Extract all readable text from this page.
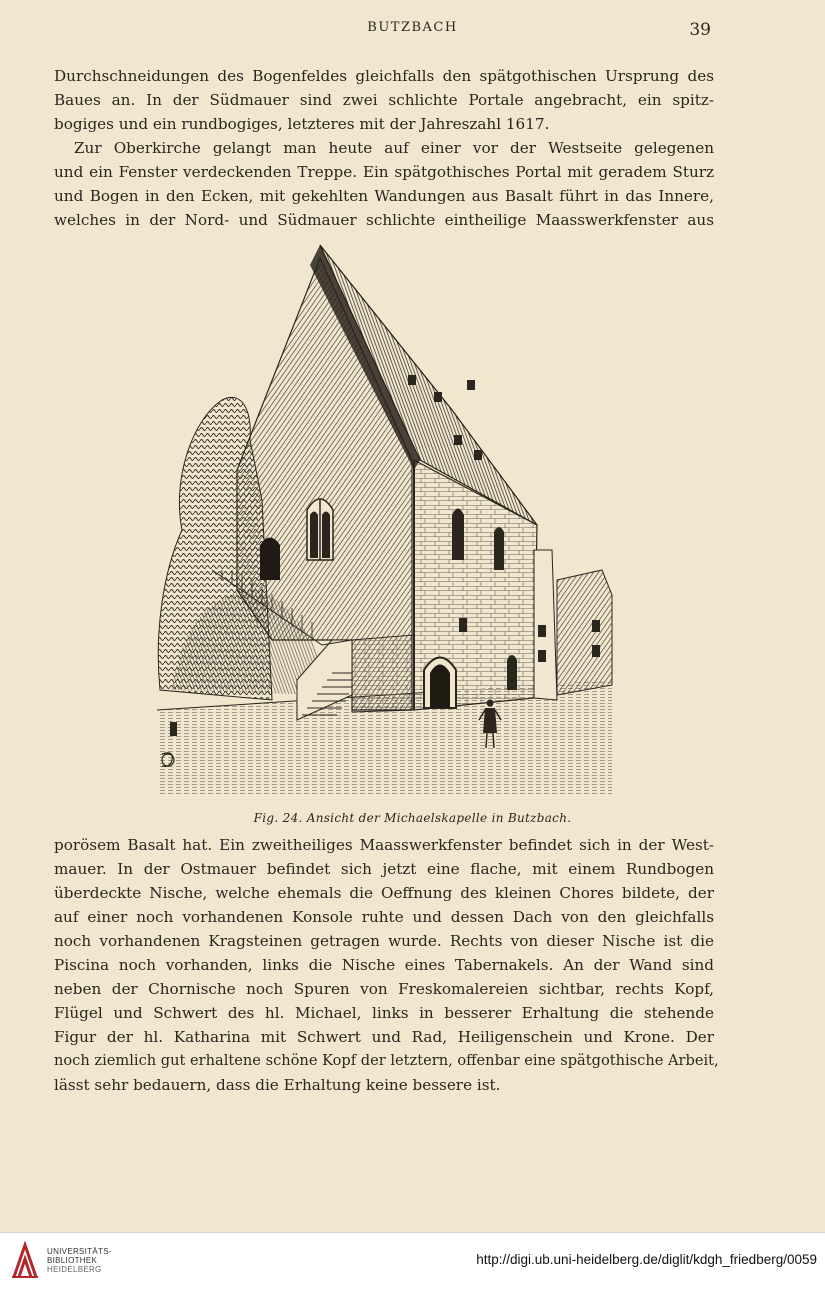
BUTZBACH	39
Durchschneidungen des Bogenfeldes gleichfalls den spätgothischen Ursprung des
Baues an. In der Südmauer sind zwei schlichte Portale angebracht, ein spitz-
bogiges und ein rundbogiges, letzteres mit der Jahreszahl 1617.
Zur Oberkirche gelangt man heute auf einer vor der Westseite gelegenen
und ein Fenster verdeckenden Treppe. Ein spätgothisches Portal mit geradem Sturz
und Bogen in den Ecken, mit gekehlten Wandungen aus Basalt führt in das Innere,
welches in der Nord- und Südmauer schlichte eintheilige Maasswerkfenster aus
Fig. 24. Ansicht der Michaelskapelle in Butzbach.
porösem Basalt hat. Ein zweitheiliges Maasswerkfenster befindet sich in der West-
mauer. In der Ostmauer befindet sich jetzt eine flache, mit einem Rundbogen
überdeckte Nische, welche ehemals die Oeffnung des kleinen Chores bildete, der
auf einer noch vorhandenen Konsole ruhte und dessen Dach von den gleichfalls
noch vorhandenen Kragsteinen getragen wurde. Rechts von dieser Nische ist die
Piscina noch vorhanden, links die Nische eines Tabernakels. An der Wand sind
neben der Chornische noch Spuren von Freskomalereien sichtbar, rechts Kopf,
Flügel und Schwert des hl. Michael, links in besserer Erhaltung die stehende
Figur der hl. Katharina mit Schwert und Rad, Heiligenschein und Krone. Der
noch ziemlich gut erhaltene schöne Kopf der letztern, offenbar eine spätgothische Arbeit,
lässt sehr bedauern, dass die Erhaltung keine bessere ist.
UNIVERSITÄTS-
BIBLIOTHEK
HEIDELBERG
http://digi.ub.uni-heidelberg.de/diglit/kdgh_friedberg/0059
